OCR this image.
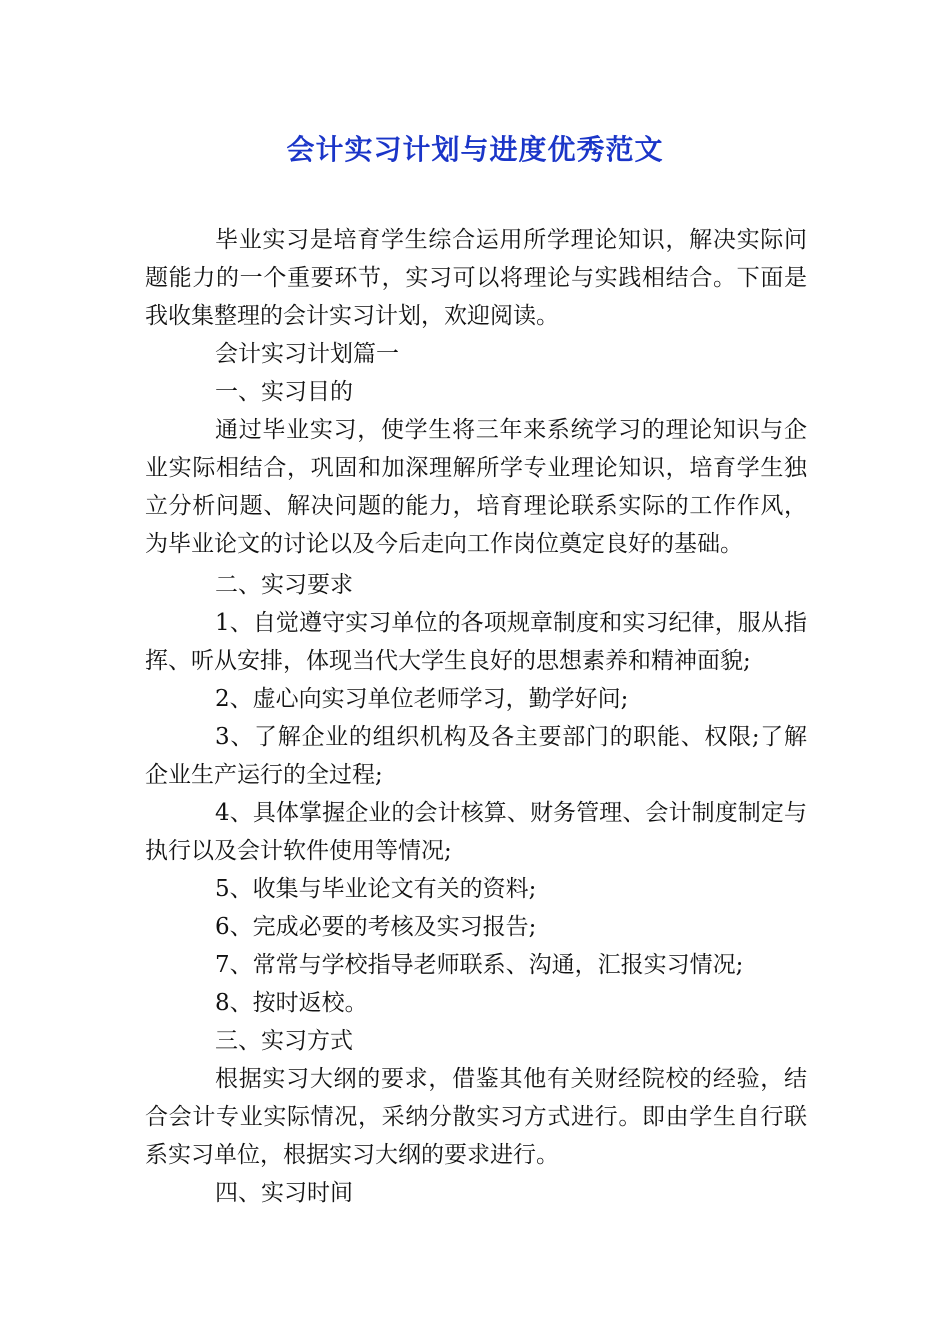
会计实习计划与进度优秀范文

毕业实习是培育学生综合运用所学理论知识，解决实际问题能力的一个重要环节，实习可以将理论与实践相结合。下面是我收集整理的会计实习计划，欢迎阅读。

会计实习计划篇一

一、实习目的

通过毕业实习，使学生将三年来系统学习的理论知识与企业实际相结合，巩固和加深理解所学专业理论知识，培育学生独立分析问题、解决问题的能力，培育理论联系实际的工作作风，为毕业论文的讨论以及今后走向工作岗位奠定良好的基础。

二、实习要求

1、自觉遵守实习单位的各项规章制度和实习纪律，服从指挥、听从安排，体现当代大学生良好的思想素养和精神面貌;

2、虚心向实习单位老师学习，勤学好问;

3、了解企业的组织机构及各主要部门的职能、权限;了解企业生产运行的全过程;

4、具体掌握企业的会计核算、财务管理、会计制度制定与执行以及会计软件使用等情况;

5、收集与毕业论文有关的资料;

6、完成必要的考核及实习报告;

7、常常与学校指导老师联系、沟通，汇报实习情况;

8、按时返校。

三、实习方式

根据实习大纲的要求，借鉴其他有关财经院校的经验，结合会计专业实际情况，采纳分散实习方式进行。即由学生自行联系实习单位，根据实习大纲的要求进行。

四、实习时间
